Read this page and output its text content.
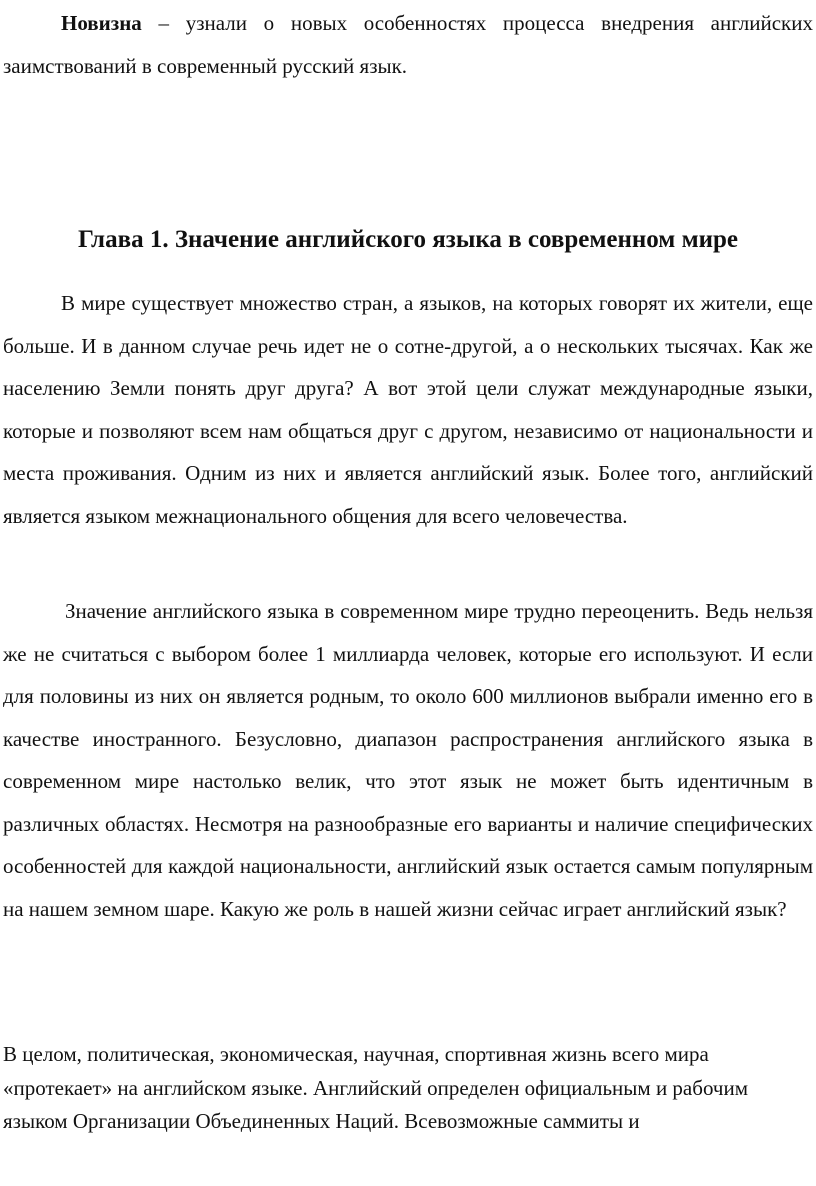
Новизна – узнали о новых особенностях процесса внедрения английских заимствований в современный русский язык.

Глава 1. Значение английского языка в современном мире

В мире существует множество стран, а языков, на которых говорят их жители, еще больше. И в данном случае речь идет не о сотне-другой, а о нескольких тысячах. Как же населению Земли понять друг друга? А вот этой цели служат международные языки, которые и позволяют всем нам общаться друг с другом, независимо от национальности и места проживания. Одним из них и является английский язык. Более того, английский является языком межнационального общения для всего человечества.

Значение английского языка в современном мире трудно переоценить. Ведь нельзя же не считаться с выбором более 1 миллиарда человек, которые его используют. И если для половины из них он является родным, то около 600 миллионов выбрали именно его в качестве иностранного. Безусловно, диапазон распространения английского языка в современном мире настолько велик, что этот язык не может быть идентичным в различных областях. Несмотря на разнообразные его варианты и наличие специфических особенностей для каждой национальности, английский язык остается самым популярным на нашем земном шаре. Какую же роль в нашей жизни сейчас играет английский язык?

В целом, политическая, экономическая, научная, спортивная жизнь всего мира «протекает» на английском языке. Английский определен официальным и рабочим языком Организации Объединенных Наций. Всевозможные саммиты и
